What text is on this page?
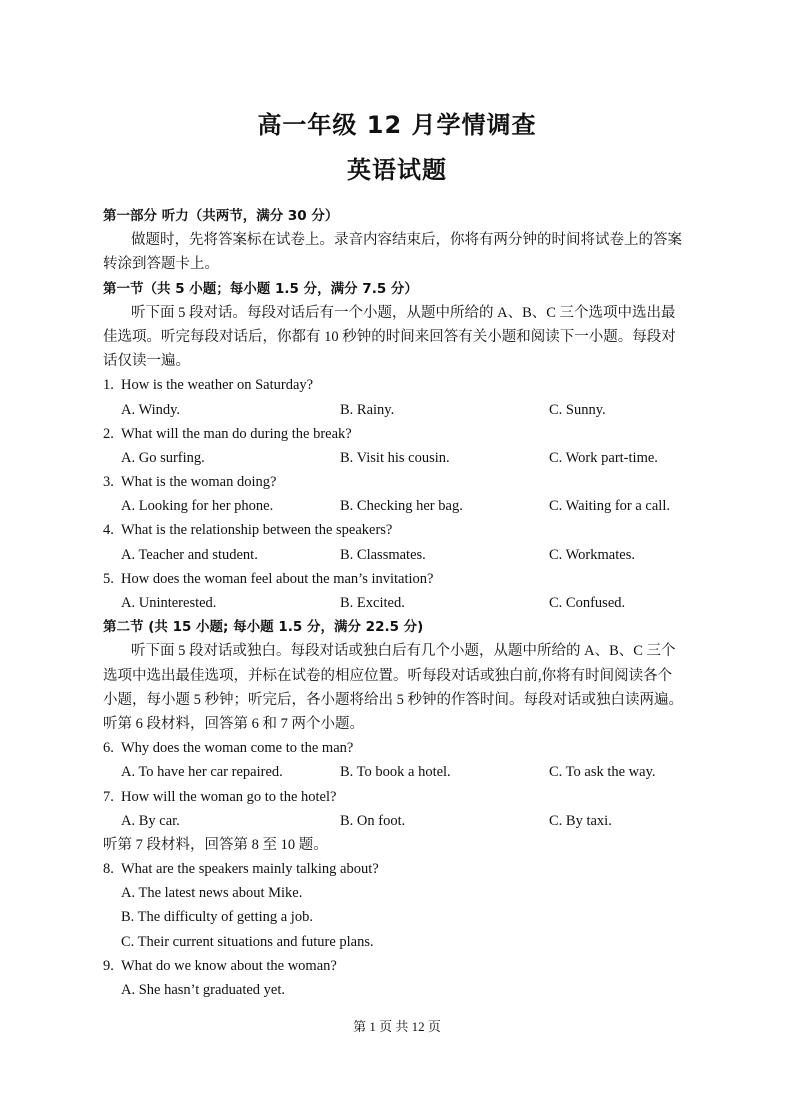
高一年级 12 月学情调查
英语试题
第一部分 听力（共两节，满分 30 分）
做题时，先将答案标在试卷上。录音内容结束后，你将有两分钟的时间将试卷上的答案
转涂到答题卡上。
第一节（共 5 小题；每小题 1.5 分，满分 7.5 分）
听下面 5 段对话。每段对话后有一个小题，从题中所给的 A、B、C 三个选项中选出最
佳选项。听完每段对话后，你都有 10 秒钟的时间来回答有关小题和阅读下一小题。每段对
话仅读一遍。
1. How is the weather on Saturday?
A. Windy.	B. Rainy.	C. Sunny.
2. What will the man do during the break?
A. Go surfing.	B. Visit his cousin.	C. Work part-time.
3. What is the woman doing?
A. Looking for her phone.	B. Checking her bag.	C. Waiting for a call.
4. What is the relationship between the speakers?
A. Teacher and student.	B. Classmates.	C. Workmates.
5. How does the woman feel about the man’s invitation?
A. Uninterested.	B. Excited.	C. Confused.
第二节 (共 15 小题; 每小题 1.5 分，满分 22.5 分)
听下面 5 段对话或独白。每段对话或独白后有几个小题，从题中所给的 A、B、C 三个
选项中选出最佳选项，并标在试卷的相应位置。听每段对话或独白前,你将有时间阅读各个
小题，每小题 5 秒钟；听完后，各小题将给出 5 秒钟的作答时间。每段对话或独白读两遍。
听第 6 段材料，回答第 6 和 7 两个小题。
6. Why does the woman come to the man?
A. To have her car repaired.	B. To book a hotel.	C. To ask the way.
7. How will the woman go to the hotel?
A. By car.	B. On foot.	C. By taxi.
听第 7 段材料，回答第 8 至 10 题。
8. What are the speakers mainly talking about?
A. The latest news about Mike.
B. The difficulty of getting a job.
C. Their current situations and future plans.
9. What do we know about the woman?
A. She hasn’t graduated yet.
第 1 页 共 12 页
